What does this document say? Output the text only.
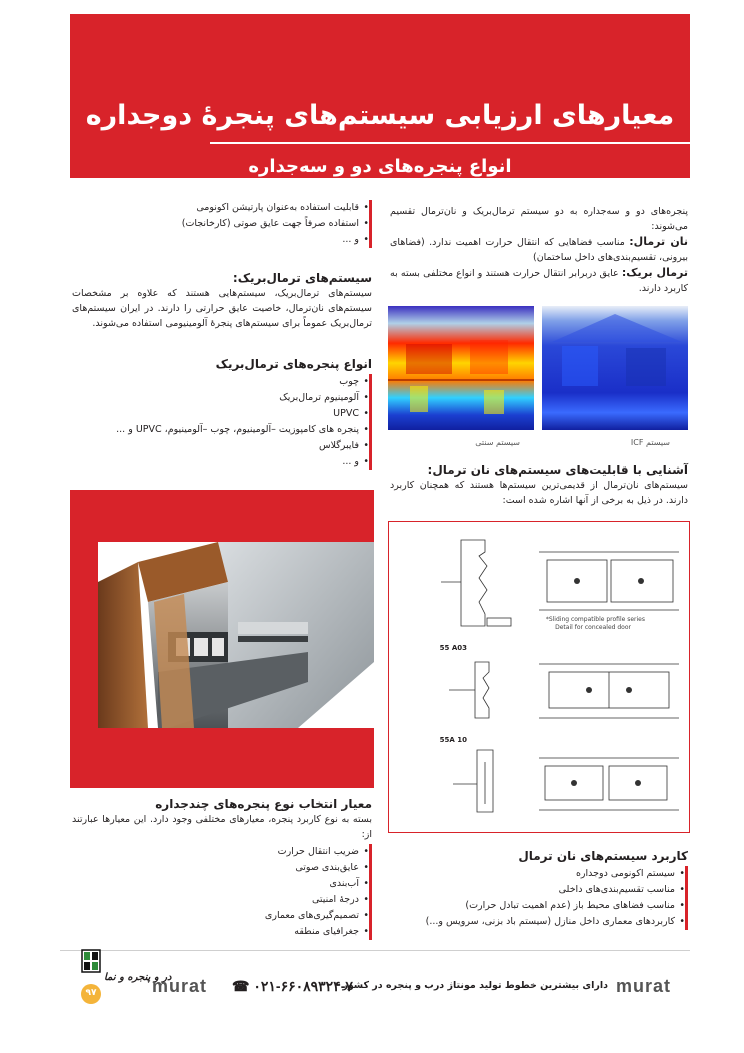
معیارهای ارزیابی سیستم‌های پنجرۀ دوجداره
انواع پنجره‌های دو و سه‌جداره
پنجره‌های دو و سه‌جداره به دو سیستم ترمال‌بریک و نان‌ترمال تقسیم می‌شوند:
نان ترمال: مناسب فضاهایی که انتقال حرارت اهمیت ندارد. (فضاهای بیرونی، تقسیم‌بندی‌های داخل ساختمان)
ترمال بریک: عایق دربرابر انتقال حرارت هستند و انواع مختلفی بسته به کاربرد دارند.
سیستم سنتی	سیستم ICF
آشنایی با قابلیت‌های سیستم‌های نان ترمال:
سیستم‌های نان‌ترمال از قدیمی‌ترین سیستم‌ها هستند که همچنان کاربرد دارند. در ذیل به برخی از آنها اشاره شده است:
55 A03
55A 10
*Sliding compatible profile series
Detail for concealed door
کاربرد سیستم‌های نان ترمال
• سیستم اکونومی دوجداره
• مناسب تقسیم‌بندی‌های داخلی
• مناسب فضاهای محیط باز (عدم اهمیت تبادل حرارت)
• کاربردهای معماری داخل منازل (سیستم باد بزنی، سرویس و...)
• قابلیت استفاده به‌عنوان پارتیشن اکونومی
• استفاده صرفاً جهت عایق صوتی (کارخانجات)
• و ...
سیستم‌های ترمال‌بریک:
سیستم‌های ترمال‌بریک، سیستم‌هایی هستند که علاوه بر مشخصات سیستم‌های نان‌ترمال، خاصیت عایق حرارتی را دارند. در ایران سیستم‌های ترمال‌بریک عموماً برای سیستم‌های پنجرۀ آلومینیومی استفاده می‌شوند.
انواع پنجره‌های ترمال‌بریک
• چوب
• آلومینیوم ترمال‌بریک
• UPVC
• پنجره های کامپوزیت –آلومینیوم، چوب –آلومینیوم، UPVC و ...
• فایبرگلاس
• و ...
معیار انتخاب نوع پنجره‌های چندجداره
بسته به نوع کاربرد پنجره، معیارهای مختلفی وجود دارد. این معیارها عبارتند از:
• ضریب انتقال حرارت
• عایق‌بندی صوتی
• آب‌بندی
• درجهٔ امنیتی
• تصمیم‌گیری‌های معماری
• جغرافیای منطقه
۹۷
در و پنجره و نما
murat ☎ ۰۲۱-۶۶۰۸۹۳۲۴-۷
دارای بیشترین خطوط تولید مونتاژ درب و پنجره در کشور murat
